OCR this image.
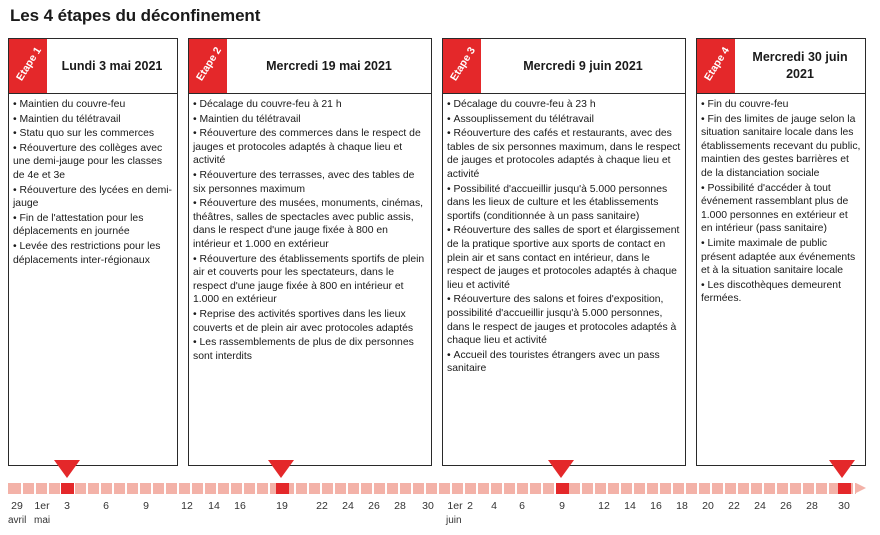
Les 4 étapes du déconfinement
Etape 1	Lundi 3 mai 2021
• Maintien du couvre-feu
• Maintien du télétravail
• Statu quo sur les commerces
• Réouverture des collèges avec une demi-jauge pour les classes de 4e et 3e
• Réouverture des lycées en demi-jauge
• Fin de l'attestation pour les déplacements en journée
• Levée des restrictions pour les déplacements inter-régionaux
Etape 2	Mercredi 19 mai 2021
• Décalage du couvre-feu à 21 h
• Maintien du télétravail
• Réouverture des commerces dans le respect de jauges et protocoles adaptés à chaque lieu et activité
• Réouverture des terrasses, avec des tables de six personnes maximum
• Réouverture des musées, monuments, cinémas, théâtres, salles de spectacles avec public assis, dans le respect d'une jauge fixée à 800 en intérieur et 1.000 en extérieur
• Réouverture des établissements sportifs de plein air et couverts pour les spectateurs, dans le respect d'une jauge fixée à 800 en intérieur et 1.000 en extérieur
• Reprise des activités sportives dans les lieux couverts et de plein air avec protocoles adaptés
• Les rassemblements de plus de dix personnes sont interdits
Etape 3	Mercredi 9 juin 2021
• Décalage du couvre-feu à 23 h
• Assouplissement du télétravail
• Réouverture des cafés et restaurants, avec des tables de six personnes maximum, dans le respect de jauges et protocoles adaptés à chaque lieu et activité
• Possibilité d'accueillir jusqu'à 5.000 personnes dans les lieux de culture et les établissements sportifs (conditionnée à un pass sanitaire)
• Réouverture des salles de sport et élargissement de la pratique sportive aux sports de contact en plein air et sans contact en intérieur, dans le respect de jauges et protocoles adaptés à chaque lieu et activité
• Réouverture des salons et foires d'exposition, possibilité d'accueillir jusqu'à 5.000 personnes, dans le respect de jauges et protocoles adaptés à chaque lieu et activité
• Accueil des touristes étrangers avec un pass sanitaire
Etape 4	Mercredi 30 juin 2021
• Fin du couvre-feu
• Fin des limites de jauge selon la situation sanitaire locale dans les établissements recevant du public, maintien des gestes barrières et de la distanciation sociale
• Possibilité d'accéder à tout événement rassemblant plus de 1.000 personnes en extérieur et en intérieur (pass sanitaire)
• Limite maximale de public présent adaptée aux événements et à la situation sanitaire locale
• Les discothèques demeurent fermées.
29 1er 3	6	9	12 14 16	19	22 24 26 28 30 1er 2 4 6	9	12 14 16 18 20 22 24 26 28 30
avril mai	juin
